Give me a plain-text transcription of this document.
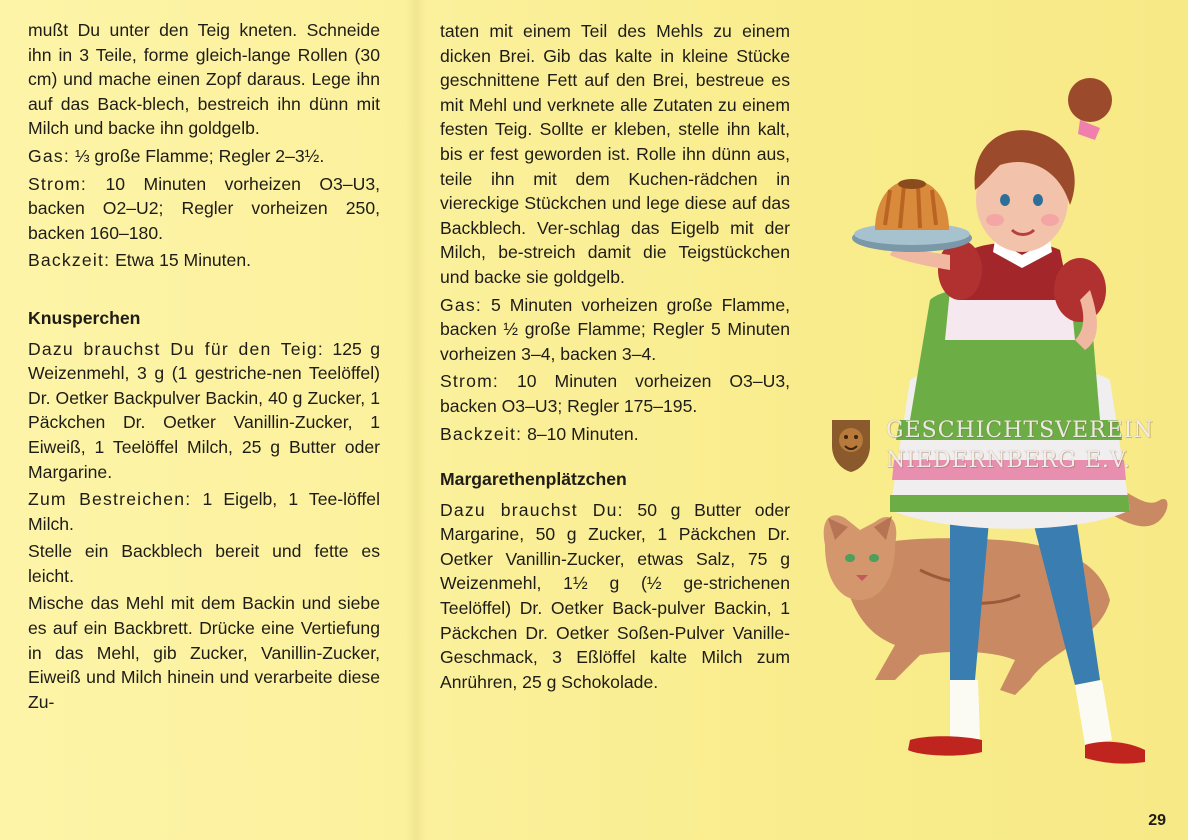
mußt Du unter den Teig kneten. Schneide ihn in 3 Teile, forme gleich-lange Rollen (30 cm) und mache einen Zopf daraus. Lege ihn auf das Back-blech, bestreich ihn dünn mit Milch und backe ihn goldgelb.

Gas: ⅓ große Flamme; Regler 2–3½.

Strom: 10 Minuten vorheizen O3–U3, backen O2–U2; Regler vorheizen 250, backen 160–180.

Backzeit: Etwa 15 Minuten.

Knusperchen

Dazu brauchst Du für den Teig: 125 g Weizenmehl, 3 g (1 gestriche-nen Teelöffel) Dr. Oetker Backpulver Backin, 40 g Zucker, 1 Päckchen Dr. Oetker Vanillin-Zucker, 1 Eiweiß, 1 Teelöffel Milch, 25 g Butter oder Margarine.

Zum Bestreichen: 1 Eigelb, 1 Tee-löffel Milch.

Stelle ein Backblech bereit und fette es leicht.

Mische das Mehl mit dem Backin und siebe es auf ein Backbrett. Drücke eine Vertiefung in das Mehl, gib Zucker, Vanillin-Zucker, Eiweiß und Milch hinein und verarbeite diese Zu-

taten mit einem Teil des Mehls zu einem dicken Brei. Gib das kalte in kleine Stücke geschnittene Fett auf den Brei, bestreue es mit Mehl und verknete alle Zutaten zu einem festen Teig. Sollte er kleben, stelle ihn kalt, bis er fest geworden ist. Rolle ihn dünn aus, teile ihn mit dem Kuchen-rädchen in viereckige Stückchen und lege diese auf das Backblech. Ver-schlag das Eigelb mit der Milch, be-streich damit die Teigstückchen und backe sie goldgelb.

Gas: 5 Minuten vorheizen große Flamme, backen ½ große Flamme; Regler 5 Minuten vorheizen 3–4, backen 3–4.

Strom: 10 Minuten vorheizen O3–U3, backen O3–U3; Regler 175–195.

Backzeit: 8–10 Minuten.

Margarethenplätzchen

Dazu brauchst Du: 50 g Butter oder Margarine, 50 g Zucker, 1 Päckchen Dr. Oetker Vanillin-Zucker, etwas Salz, 75 g Weizenmehl, 1½ g (½ ge-strichenen Teelöffel) Dr. Oetker Back-pulver Backin, 1 Päckchen Dr. Oetker Soßen-Pulver Vanille-Geschmack, 3 Eßlöffel kalte Milch zum Anrühren, 25 g Schokolade.

GESCHICHTSVEREIN
NIEDERNBERG E.V.
29
